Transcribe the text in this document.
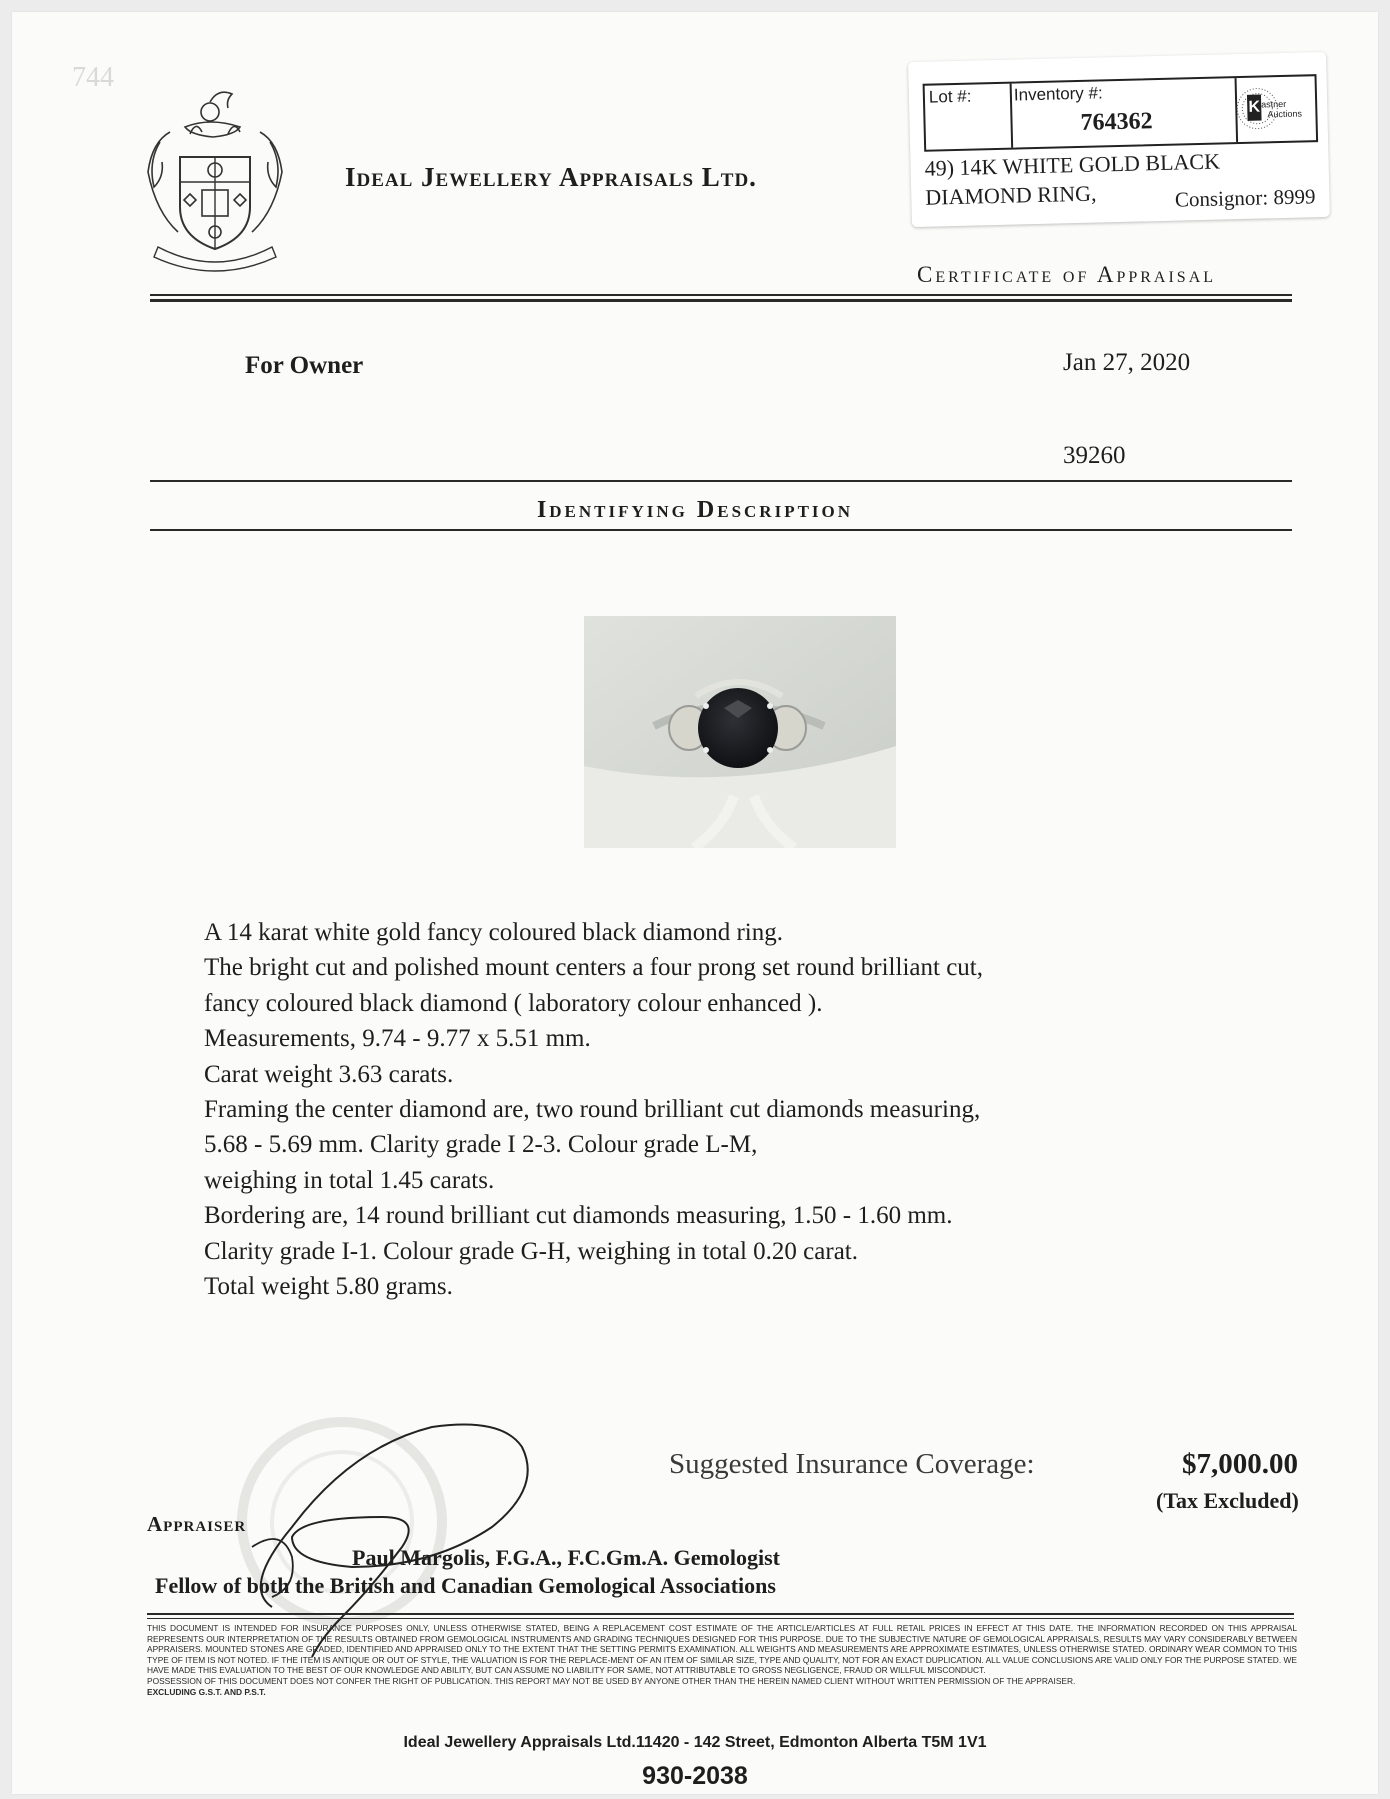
744
Ideal Jewellery Appraisals Ltd.
Lot #: Inventory #:
764362
K astner
Auctions
49) 14K WHITE GOLD BLACK
DIAMOND RING,	Consignor: 8999
Certificate of Appraisal
For Owner	Jan 27, 2020
39260
Identifying Description
A 14 karat white gold fancy coloured black diamond ring.
The bright cut and polished mount centers a four prong set round brilliant cut,
fancy coloured black diamond ( laboratory colour enhanced ).
Measurements, 9.74 - 9.77 x 5.51 mm.
Carat weight 3.63 carats.
Framing the center diamond are, two round brilliant cut diamonds measuring,
5.68 - 5.69 mm. Clarity grade I 2-3. Colour grade L-M,
weighing in total 1.45 carats.
Bordering are, 14 round brilliant cut diamonds measuring, 1.50 - 1.60 mm.
Clarity grade I-1. Colour grade G-H, weighing in total 0.20 carat.
Total weight 5.80 grams.
Suggested Insurance Coverage:	$7,000.00
(Tax Excluded)
Appraiser
Paul Margolis, F.G.A., F.C.Gm.A. Gemologist
Fellow of both the British and Canadian Gemological Associations

THIS DOCUMENT IS INTENDED FOR INSURANCE PURPOSES ONLY, UNLESS OTHERWISE STATED, BEING A REPLACEMENT COST ESTIMATE OF THE ARTICLE/ARTICLES AT FULL RETAIL PRICES IN EFFECT AT THIS DATE. THE INFORMATION RECORDED ON THIS APPRAISAL REPRESENTS OUR INTERPRETATION OF THE RESULTS OBTAINED FROM GEMOLOGICAL INSTRUMENTS AND GRADING TECHNIQUES DESIGNED FOR THIS PURPOSE. DUE TO THE SUBJECTIVE NATURE OF GEMOLOGICAL APPRAISALS, RESULTS MAY VARY CONSIDERABLY BETWEEN APPRAISERS. MOUNTED STONES ARE GRADED, IDENTIFIED AND APPRAISED ONLY TO THE EXTENT THAT THE SETTING PERMITS EXAMINATION. ALL WEIGHTS AND MEASUREMENTS ARE APPROXIMATE ESTIMATES, UNLESS OTHERWISE STATED. ORDINARY WEAR COMMON TO THIS TYPE OF ITEM IS NOT NOTED. IF THE ITEM IS ANTIQUE OR OUT OF STYLE, THE VALUATION IS FOR THE REPLACE-MENT OF AN ITEM OF SIMILAR SIZE, TYPE AND QUALITY, NOT FOR AN EXACT DUPLICATION. ALL VALUE CONCLUSIONS ARE VALID ONLY FOR THE PURPOSE STATED. WE HAVE MADE THIS EVALUATION TO THE BEST OF OUR KNOWLEDGE AND ABILITY, BUT CAN ASSUME NO LIABILITY FOR SAME, NOT ATTRIBUTABLE TO GROSS NEGLIGENCE, FRAUD OR WILLFUL MISCONDUCT.

POSSESSION OF THIS DOCUMENT DOES NOT CONFER THE RIGHT OF PUBLICATION. THIS REPORT MAY NOT BE USED BY ANYONE OTHER THAN THE HEREIN NAMED CLIENT WITHOUT WRITTEN PERMISSION OF THE APPRAISER.

EXCLUDING G.S.T. AND P.S.T.

Ideal Jewellery Appraisals Ltd.11420 - 142 Street, Edmonton Alberta T5M 1V1
930-2038
